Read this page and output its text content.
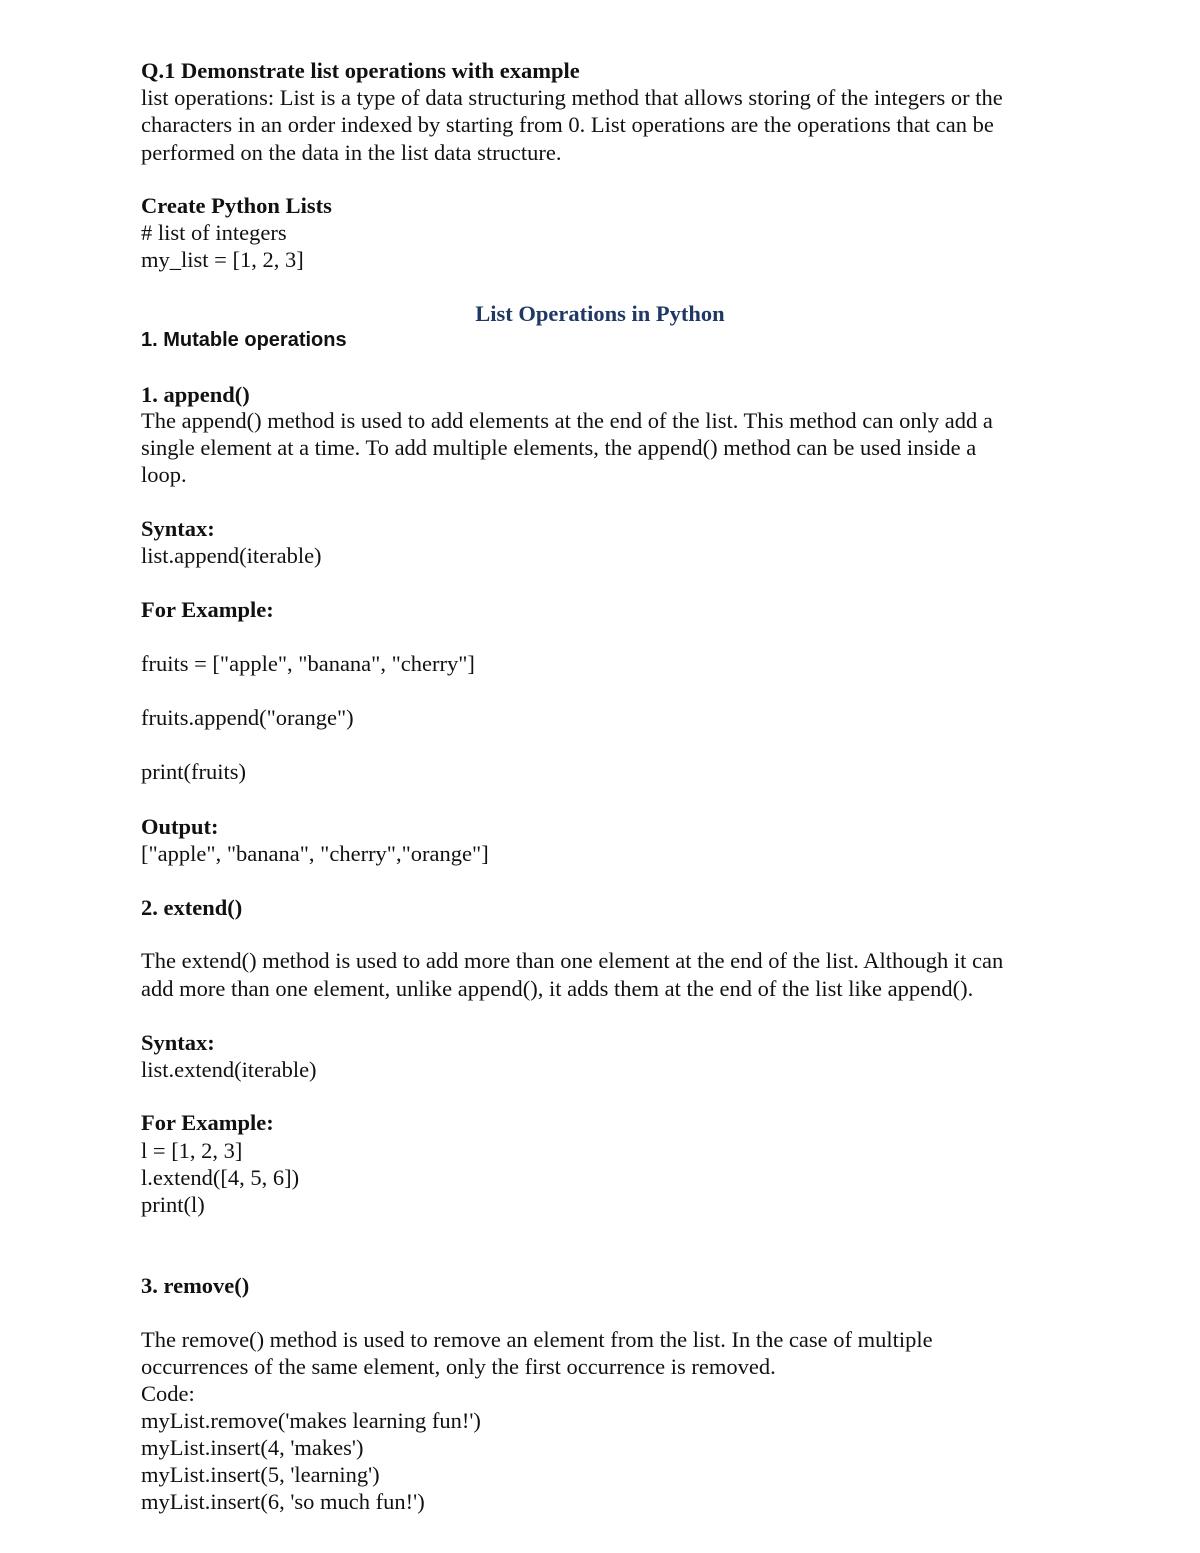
Q.1 Demonstrate list operations with example

list operations: List is a type of data structuring method that allows storing of the integers or the

characters in an order indexed by starting from 0. List operations are the operations that can be

performed on the data in the list data structure.

Create Python Lists

# list of integers

my_list = [1, 2, 3]

List Operations in Python

1. Mutable operations

1. append()

The append() method is used to add elements at the end of the list. This method can only add a

single element at a time. To add multiple elements, the append() method can be used inside a

loop.

Syntax:

list.append(iterable)

For Example:

fruits = ["apple", "banana", "cherry"]

fruits.append("orange")

print(fruits)

Output:

["apple", "banana", "cherry","orange"]

2. extend()

The extend() method is used to add more than one element at the end of the list. Although it can

add more than one element, unlike append(), it adds them at the end of the list like append().

Syntax:

list.extend(iterable)

For Example:

l = [1, 2, 3]

l.extend([4, 5, 6])

print(l)

3. remove()

The remove() method is used to remove an element from the list. In the case of multiple

occurrences of the same element, only the first occurrence is removed.

Code:

myList.remove('makes learning fun!')

myList.insert(4, 'makes')

myList.insert(5, 'learning')

myList.insert(6, 'so much fun!')
